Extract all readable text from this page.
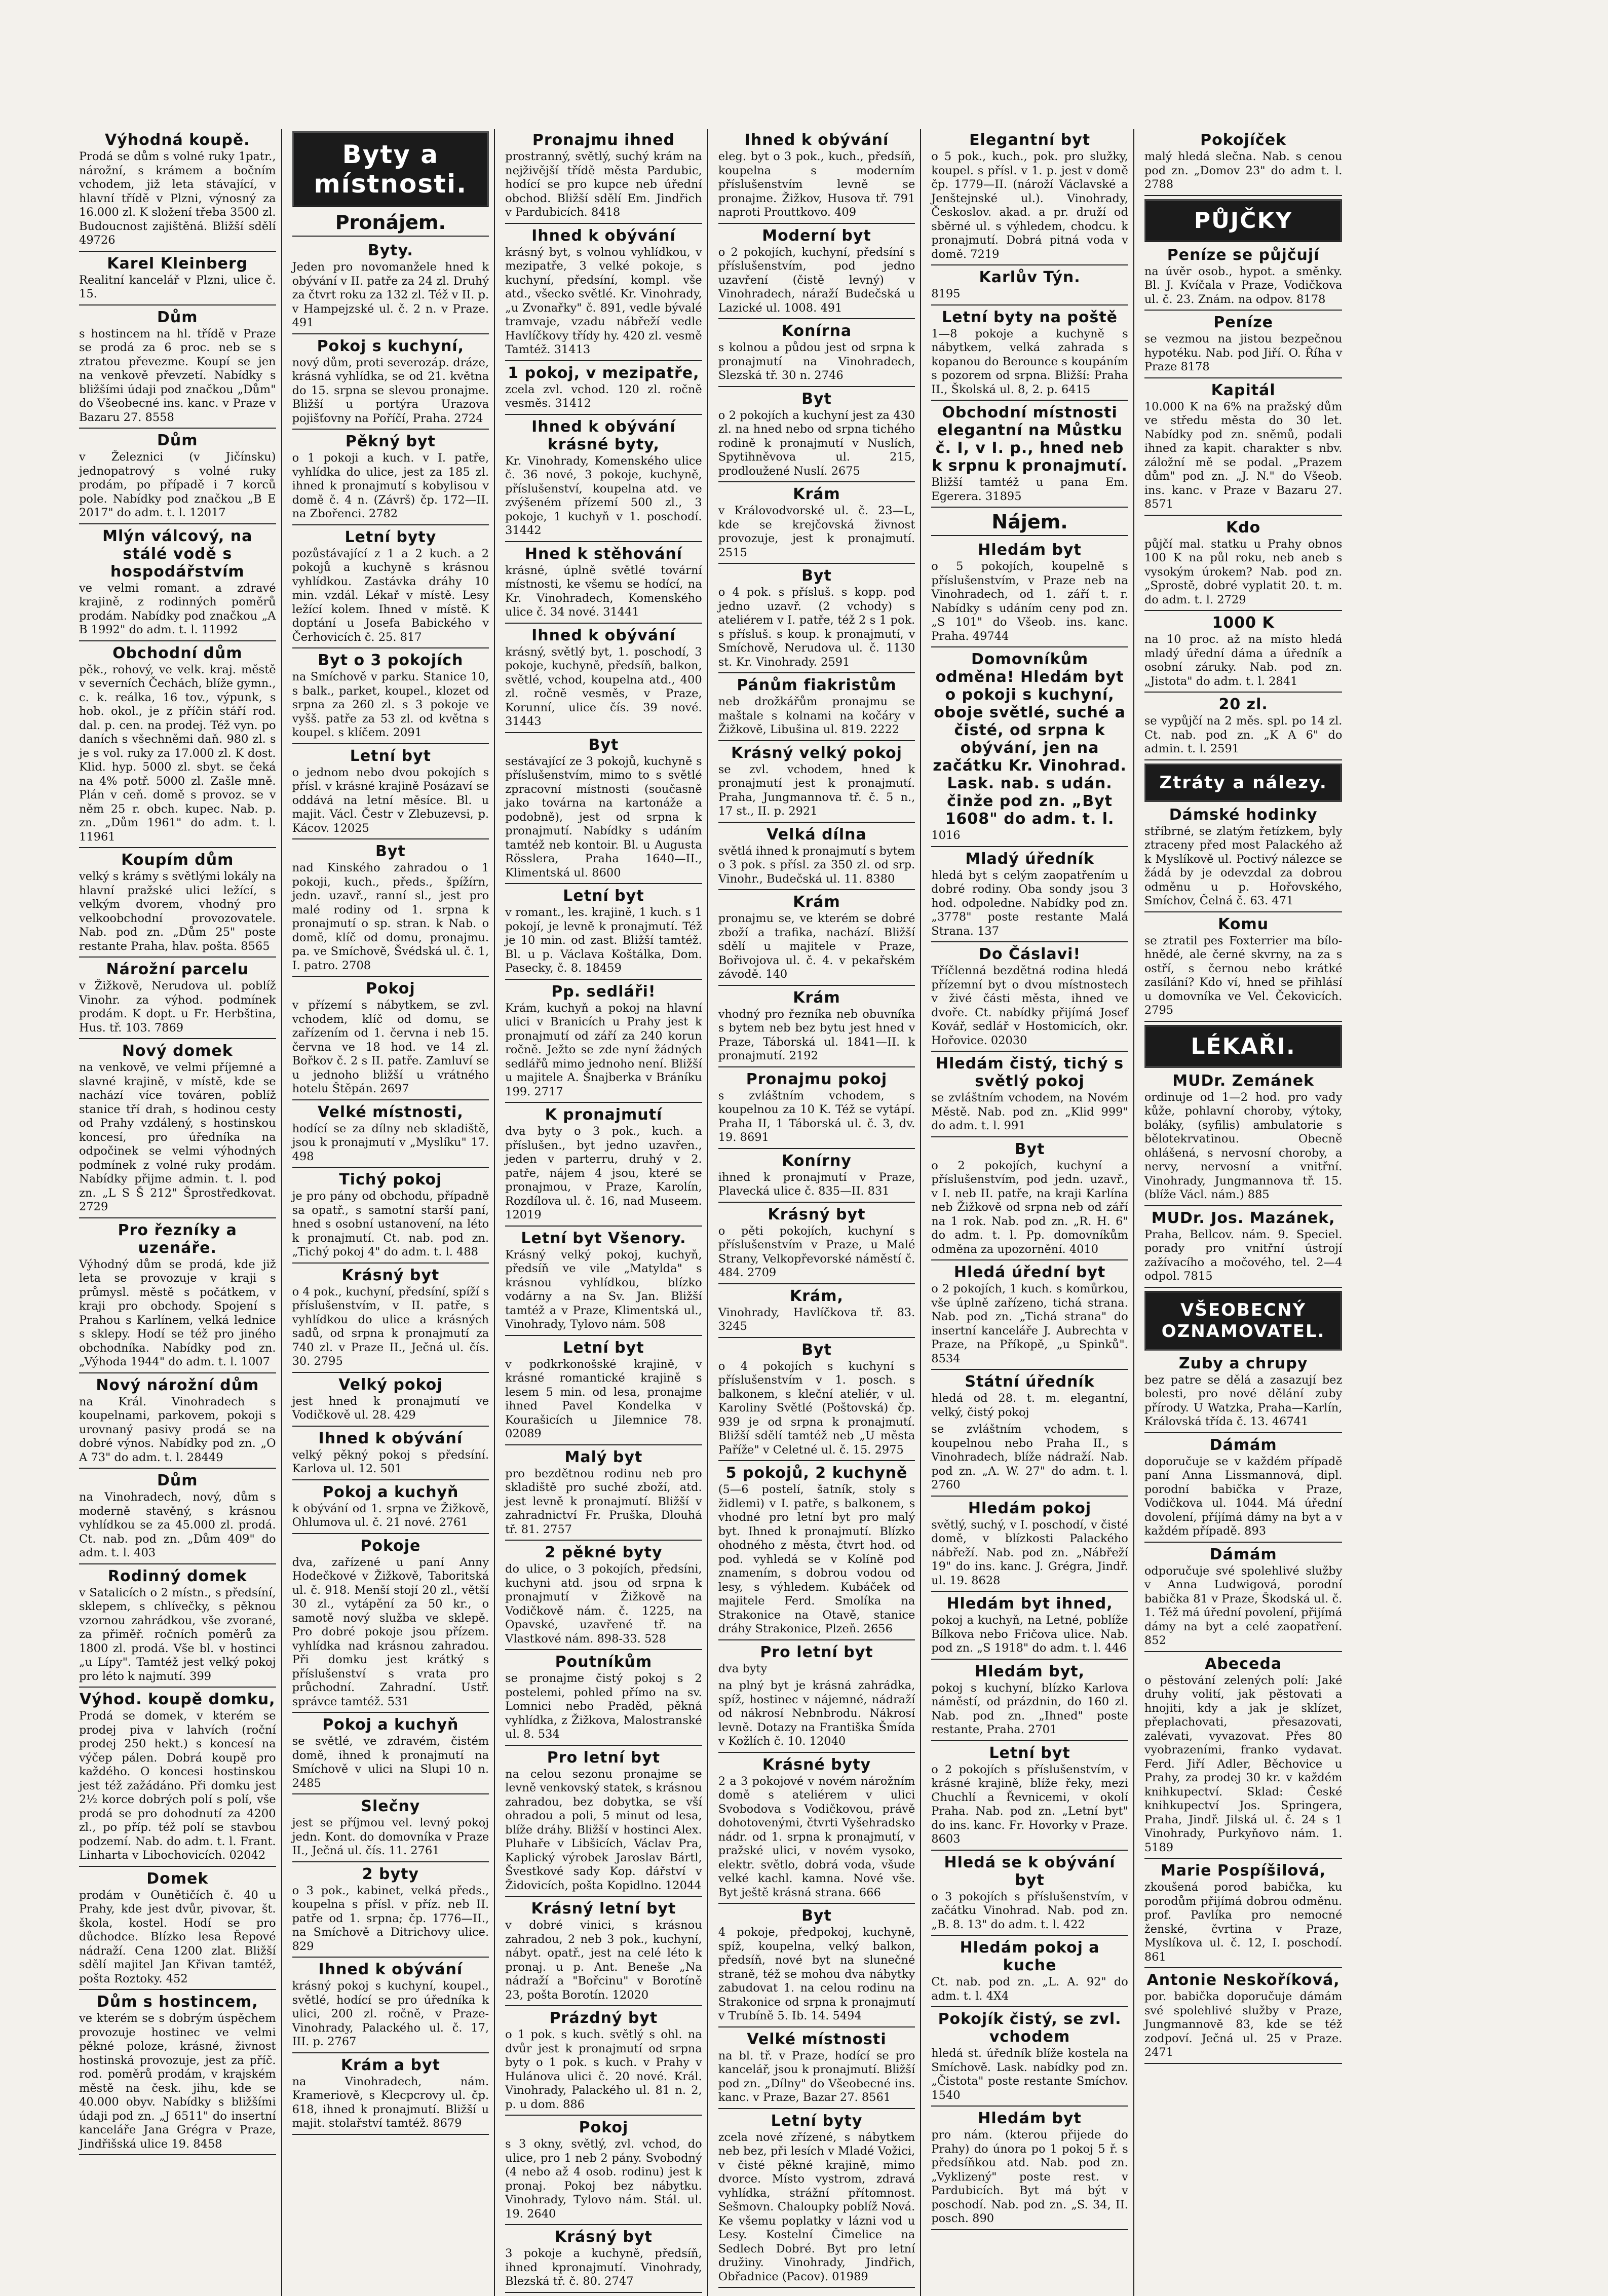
Výhodná koupě.
Prodá se dům s volné ruky 1patr., nárožní, s krámem a bočním vchodem, již leta stávající, v hlavní třídě v Plzni, výnosný za 16.000 zl. K složení třeba 3500 zl. Budoucnost zajištěná. Bližší sdělí 49726
Karel Kleinberg
Realitní kancelář v Plzni, ulice č. 15.
Dům
s hostincem na hl. třídě v Praze se prodá za 6 proc. neb se s ztratou převezme. Koupí se jen na venkově převzetí. Nabídky s bližšími údaji pod značkou „Dům" do Všeobecné ins. kanc. v Praze v Bazaru 27. 8558
Dům
v Železnici (v Jičínsku) jednopatrový s volné ruky prodám, po případě i 7 korců pole. Nabídky pod značkou „B E 2017" do adm. t. l. 12017
Mlýn válcový, na stálé vodě s hospodářstvím
ve velmi romant. a zdravé krajině, z rodinných poměrů prodám. Nabídky pod značkou „A B 1992" do adm. t. l. 11992
Obchodní dům
pěk., rohový, ve velk. kraj. městě v severních Čechách, blíže gymn., c. k. reálka, 16 tov., výpunk, s hob. okol., je z příčin stáří rod. dal. p. cen. na prodej. Též vyn. po daních s všechněmi daň. 980 zl. s je s vol. ruky za 17.000 zl. K dost. Klid. hyp. 5000 zl. sbyt. se čeká na 4% potř. 5000 zl. Zašle mně. Plán v ceň. domě s provoz. se v něm 25 r. obch. kupec. Nab. p. zn. „Dům 1961" do adm. t. l. 11961
Koupím dům
velký s krámy s světlými lokály na hlavní pražské ulici ležící, s velkým dvorem, vhodný pro velkoobchodní provozovatele. Nab. pod zn. „Dům 25" poste restante Praha, hlav. pošta. 8565
Nárožní parcelu
v Žižkově, Nerudova ul. poblíž Vinohr. za výhod. podmínek prodám. K dopt. u Fr. Herbština, Hus. tř. 103. 7869
Nový domek
na venkově, ve velmi příjemné a slavné krajině, v místě, kde se nachází více továren, poblíž stanice tří drah, s hodinou cesty od Prahy vzdálený, s hostinskou koncesí, pro úředníka na odpočinek se velmi výhodných podmínek z volné ruky prodám. Nabídky přijme admin. t. l. pod zn. „L S Š 212" Šprostředkovat. 2729
Pro řezníky a uzenáře.
Výhodný dům se prodá, kde již leta se provozuje v kraji s průmysl. městě s počátkem, v kraji pro obchody. Spojení s Prahou s Karlínem, velká lednice s sklepy. Hodí se též pro jiného obchodníka. Nabídky pod zn. „Výhoda 1944" do adm. t. l. 1007
Nový nárožní dům
na Král. Vinohradech s koupelnami, parkovem, pokoji s urovnaný pasivy prodá se na dobré výnos. Nabídky pod zn. „O A 73" do adm. t. l. 28449
Dům
na Vinohradech, nový, dům s moderně stavěný, s krásnou vyhlídkou se za 45.000 zl. prodá. Ct. nab. pod zn. „Dům 409" do adm. t. l. 403
Rodinný domek
v Satalicích o 2 místn., s předsíní, sklepem, s chlívečky, s pěknou vzornou zahrádkou, vše zvorané, za přiměř. ročních poměrů za 1800 zl. prodá. Vše bl. v hostinci „u Lípy". Tamtéž jest velký pokoj pro léto k najmutí. 399
Výhod. koupě domku,
Prodá se domek, v kterém se prodej piva v lahvích (roční prodej 250 hekt.) s koncesí na výčep pálen. Dobrá koupě pro každého. O koncesi hostinskou jest též zažádáno. Při domku jest 2½ korce dobrých polí s polí, vše prodá se pro dohodnutí za 4200 zl., po příp. též polí se stavbou podzemí. Nab. do adm. t. l. Frant. Linharta v Libochovicích. 02042
Domek
prodám v Ounětičích č. 40 u Prahy, kde jest dvůr, pivovar, št. škola, kostel. Hodí se pro důchodce. Blízko lesa Řepové nádraží. Cena 1200 zlat. Bližší sdělí majitel Jan Křivan tamtéž, pošta Roztoky. 452
Dům s hostincem,
ve kterém se s dobrým úspěchem provozuje hostinec ve velmi pěkné poloze, krásné, živnost hostinská provozuje, jest za příč. rod. poměrů prodám, v krajském městě na česk. jihu, kde se 40.000 obyv. Nabídky s bližšími údaji pod zn. „J 6511" do insertní kanceláře Jana Grégra v Praze, Jindřišská ulice 19. 8458
Byty a místnosti.
Pronájem.
Byty.
Jeden pro novomanžele hned k obývání v II. patře za 24 zl. Druhý za čtvrt roku za 132 zl. Též v II. p. v Hampejzské ul. č. 2 n. v Praze. 491
Pokoj s kuchyní,
nový dům, proti severozáp. dráze, krásná vyhlídka, se od 21. května do 15. srpna se slevou pronajme. Bližší u portýra Urazova pojišťovny na Poříčí, Praha. 2724
Pěkný byt
o 1 pokoji a kuch. v I. patře, vyhlídka do ulice, jest za 185 zl. ihned k pronajmutí s kobylisou v domě č. 4 n. (Závrš) čp. 172—II. na Zbořenci. 2782
Letní byty
pozůstávající z 1 a 2 kuch. a 2 pokojů a kuchyně s krásnou vyhlídkou. Zastávka dráhy 10 min. vzdál. Lékař v místě. Lesy ležící kolem. Ihned v místě. K doptání u Josefa Babického v Čerhovicích č. 25. 817
Byt o 3 pokojích
na Smíchově v parku. Stanice 10, s balk., parket, koupel., klozet od srpna za 260 zl. s 3 pokoje ve vyšš. patře za 53 zl. od května s koupel. s klíčem. 2091
Letní byt
o jednom nebo dvou pokojích s přísl. v krásné krajině Posázaví se oddává na letní měsíce. Bl. u majit. Václ. Čestr v Zlebuzevsi, p. Kácov. 12025
Byt
nad Kinského zahradou o 1 pokoji, kuch., předs., špížírn, jedn. uzavř., ranní sl., jest pro malé rodiny od 1. srpna k pronajmutí o sp. stran. k Nab. o domě, klíč od domu, pronajmu. pa. ve Smíchově, Švédská ul. č. 1, I. patro. 2708
Pokoj
v přízemí s nábytkem, se zvl. vchodem, klíč od domu, se zařízením od 1. června i neb 15. června ve 18 hod. ve 14 zl. Bořkov č. 2 s II. patře. Zamluví se u jednoho bližší u vrátného hotelu Štěpán. 2697
Velké místnosti,
hodící se za dílny neb skladiště, jsou k pronajmutí v „Myslíku" 17. 498
Tichý pokoj
je pro pány od obchodu, případně sa opatř., s samotní starší paní, hned s osobní ustanovení, na léto k pronajmutí. Ct. nab. pod zn. „Tichý pokoj 4" do adm. t. l. 488
Krásný byt
o 4 pok., kuchyní, předsíní, spíží s příslušenstvím, v II. patře, s vyhlídkou do ulice a krásných sadů, od srpna k pronajmutí za 740 zl. v Praze II., Ječná ul. čís. 30. 2795
Velký pokoj
jest hned k pronajmutí ve Vodičkově ul. 28. 429
Ihned k obývání
velký pěkný pokoj s předsíní. Karlova ul. 12. 501
Pokoj a kuchyň
k obývání od 1. srpna ve Žižkově, Ohlumova ul. č. 21 nové. 2761
Pokoje
dva, zařízené u paní Anny Hodečkové v Žižkově, Taboritská ul. č. 918. Menší stojí 20 zl., větší 30 zl., vytápění za 50 kr., o samotě nový služba ve sklepě. Pro dobré pokoje jsou přízem. vyhlídka nad krásnou zahradou. Při domku jest krátký s příslušenství s vrata pro průchodní. Zahradní. Ustř. správce tamtéž. 531
Pokoj a kuchyň
se světlé, ve zdravém, čistém domě, ihned k pronajmutí na Smíchově v ulici na Slupi 10 n. 2485
Slečny
jest se příjmou vel. levný pokoj jedn. Kont. do domovníka v Praze II., Ječná ul. čís. 11. 2761
2 byty
o 3 pok., kabinet, velká předs., koupelna s přísl. v příz. neb II. patře od 1. srpna; čp. 1776—II., na Smíchově a Ditrichovy ulice. 829
Ihned k obývání
krásný pokoj s kuchyní, koupel., světlé, hodící se pro úředníka k ulici, 200 zl. ročně, v Praze-Vinohrady, Palackého ul. č. 17, III. p. 2767
Krám a byt
na Vinohradech, nám. Krameriově, s Klecpcrovy ul. čp. 618, ihned k pronajmutí. Bližší u majit. stolařství tamtéž. 8679
Pronajmu ihned
prostranný, světlý, suchý krám na nejživější třídě města Pardubic, hodící se pro kupce neb úřední obchod. Bližší sdělí Em. Jindřich v Pardubicích. 8418
Ihned k obývání
krásný byt, s volnou vyhlídkou, v mezipatře, 3 velké pokoje, s kuchyní, předsíní, kompl. vše atd., všecko světlé. Kr. Vinohrady, „u Zvonařky" č. 891, vedle bývalé tramvaje, vzadu nábřeží vedle Havlíčkovy třídy hy. 420 zl. vesmě Tamtéž. 31413
1 pokoj, v mezipatře,
zcela zvl. vchod. 120 zl. ročně vesměs. 31412
Ihned k obývání krásné byty,
Kr. Vinohrady, Komenského ulice č. 36 nové, 3 pokoje, kuchyně, příslušenství, koupelna atd. ve zvýšeném přízemí 500 zl., 3 pokoje, 1 kuchyň v 1. poschodí. 31442
Hned k stěhování
krásné, úplně světlé tovární místnosti, ke všemu se hodící, na Kr. Vinohradech, Komenského ulice č. 34 nové. 31441
Ihned k obývání
krásný, světlý byt, 1. poschodí, 3 pokoje, kuchyně, předsíň, balkon, světlé, vchod, koupelna atd., 400 zl. ročně vesměs, v Praze, Korunní, ulice čís. 39 nové. 31443
Byt
sestávající ze 3 pokojů, kuchyně s příslušenstvím, mimo to s světlé zpracovní místnosti (současně jako továrna na kartonáže a podobně), jest od srpna k pronajmutí. Nabídky s udáním tamtéž neb kontoir. Bl. u Augusta Rösslera, Praha 1640—II., Klimentská ul. 8600
Letní byt
v romant., les. krajině, 1 kuch. s 1 pokojí, je levně k pronajmutí. Též je 10 min. od zast. Bližší tamtéž. Bl. u p. Václava Koštálka, Dom. Pasecky, č. 8. 18459
Pp. sedláři!
Krám, kuchyň a pokoj na hlavní ulici v Branicích u Prahy jest k pronajmutí od září za 240 korun ročně. Ježto se zde nyní žádných sedlářů mimo jednoho není. Bližší u majitele A. Šnajberka v Bráníku 199. 2717
K pronajmutí
dva byty o 3 pok., kuch. a příslušen., byt jedno uzavřen., jeden v parterru, druhý v 2. patře, nájem 4 jsou, které se pronajmou, v Praze, Karolín, Rozdílova ul. č. 16, nad Museem. 12019
Letní byt Všenory.
Krásný velký pokoj, kuchyň, předsíň ve vile „Matylda" s krásnou vyhlídkou, blízko vodárny a na Sv. Jan. Bližší tamtéž a v Praze, Klimentská ul., Vinohrady, Tylovo nám. 508
Letní byt
v podkrkonošské krajině, v krásné romantické krajině s lesem 5 min. od lesa, pronajme ihned Pavel Kondelka v Kourašicích u Jilemnice 78. 02089
Malý byt
pro bezdětnou rodinu neb pro skladiště pro suché zboží, atd. jest levně k pronajmutí. Bližší v zahradnictví Fr. Pruška, Dlouhá tř. 81. 2757
2 pěkné byty
do ulice, o 3 pokojích, předsíni, kuchyni atd. jsou od srpna k pronajmutí v Žižkově na Vodičkově nám. č. 1225, na Opavské, uzavřené tř. na Vlastkové nám. 898-33. 528
Poutníkům
se pronajme čistý pokoj s 2 postelemi, pohled přímo na sv. Lomnici nebo Praděd, pěkná vyhlídka, z Žižkova, Malostranské ul. 8. 534
Pro letní byt
na celou sezonu pronajme se levně venkovský statek, s krásnou zahradou, bez dobytka, se vší ohradou a poli, 5 minut od lesa, blíže dráhy. Bližší v hostinci Alex. Pluhaře v Libšicích, Václav Pra, Kaplický výrobek Jaroslav Bártl, Švestkové sady Kop. dářství v Židovicích, pošta Kopidlno. 12044
Krásný letní byt
v dobré vinici, s krásnou zahradou, 2 neb 3 pok., kuchyní, nábyt. opatř., jest na celé léto k pronaj. u p. Ant. Beneše „Na nádraží a "Bořcinu" v Borotíně 23, pošta Borotín. 12020
Prázdný byt
o 1 pok. s kuch. světlý s ohl. na dvůr jest k pronajmutí od srpna byty o 1 pok. s kuch. v Prahy v Hulánova ulici č. 20 nové. Král. Vinohrady, Palackého ul. 81 n. 2, p. u dom. 886
Pokoj
s 3 okny, světlý, zvl. vchod, do ulice, pro 1 neb 2 pány. Svobodný (4 nebo až 4 osob. rodinu) jest k pronaj. Pokoj bez nábytku. Vinohrady, Tylovo nám. Stál. ul. 19. 2640
Krásný byt
3 pokoje a kuchyně, předsíň, ihned kpronajmutí. Vinohrady, Blezská tř. č. 80. 2747
Ihned k obývání
eleg. byt o 3 pok., kuch., předsíň, koupelna s moderním příslušenstvím levně se pronajme. Žižkov, Husova tř. 791 naproti Prouttkovo. 409
Moderní byt
o 2 pokojích, kuchyní, předsíní s příslušenstvím, pod jedno uzavření (čistě levný) v Vinohradech, náraží Budečská u Lazické ul. 1008. 491
Konírna
s kolnou a půdou jest od srpna k pronajmutí na Vinohradech, Slezská tř. 30 n. 2746
Byt
o 2 pokojích a kuchyní jest za 430 zl. na hned nebo od srpna tichého rodině k pronajmutí v Nuslích, Spytihněvova ul. 215, prodloužené Nuslí. 2675
Krám
v Královodvorské ul. č. 23—L, kde se krejčovská živnost provozuje, jest k pronajmutí. 2515
Byt
o 4 pok. s přísluš. s kopp. pod jedno uzavř. (2 vchody) s ateliérem v I. patře, též 2 s 1 pok. s přísluš. s koup. k pronajmutí, v Smíchově, Nerudova ul. č. 1130 st. Kr. Vinohrady. 2591
Pánům fiakristům
neb drožkářům pronajmu se maštale s kolnami na kočáry v Žižkově, Libušina ul. 819. 2222
Krásný velký pokoj
se zvl. vchodem, hned k pronajmutí jest k pronajmutí. Praha, Jungmannova tř. č. 5 n., 17 st., II. p. 2921
Velká dílna
světlá ihned k pronajmutí s bytem o 3 pok. s přísl. za 350 zl. od srp. Vinohr., Budečská ul. 11. 8380
Krám
pronajmu se, ve kterém se dobré zboží a trafika, nachází. Bližší sdělí u majitele v Praze, Bořivojova ul. č. 4. v pekařském závodě. 140
Krám
vhodný pro řezníka neb obuvníka s bytem neb bez bytu jest hned v Praze, Táborská ul. 1841—II. k pronajmutí. 2192
Pronajmu pokoj
s zvláštním vchodem, s koupelnou za 10 K. Též se vytápí. Praha II, 1 Táborská ul. č. 3, dv. 19. 8691
Konírny
ihned k pronajmutí v Praze, Plavecká ulice č. 835—II. 831
Krásný byt
o pěti pokojích, kuchyní s příslušenstvím v Praze, u Malé Strany, Velkopřevorské náměstí č. 484. 2709
Krám,
Vinohrady, Havlíčkova tř. 83. 3245
Byt
o 4 pokojích s kuchyní s příslušenstvím v 1. posch. s balkonem, s kleční ateliér, v ul. Karoliny Světlé (Poštovská) čp. 939 je od srpna k pronajmutí. Bližší sdělí tamtéž neb „U města Paříže" v Celetné ul. č. 15. 2975
5 pokojů, 2 kuchyně
(5—6 postelí, šatník, stoly s židlemi) v I. patře, s balkonem, s vhodné pro letní byt pro malý byt. Ihned k pronajmutí. Blízko ohodného z města, čtvrt hod. od pod. vyhledá se v Kolíně pod znamením, s dobrou vodou od lesy, s výhledem. Kubáček od majitele Ferd. Smolíka na Strakonice na Otavě, stanice dráhy Strakonice, Plzeň. 2656
Pro letní byt
dva byty
na plný byt je krásná zahrádka, spíž, hostinec v nájemné, nádraží od nákrosí Nebnbrodu. Nákrosí levně. Dotazy na Františka Šmída v Kožlích č. 10. 12040
Krásné byty
2 a 3 pokojové v novém nárožním domě s ateliérem v ulici Svobodova s Vodičkovou, právě dohotovenými, čtvrti Vyšehradsko nádr. od 1. srpna k pronajmutí, v pražské ulici, v novém vysoko, elektr. světlo, dobrá voda, všude velké kachl. kamna. Nové vše. Byt ještě krásná strana. 666
Byt
4 pokoje, předpokoj, kuchyně, spíž, koupelna, velký balkon, předsíň, nové byt na slunečné straně, též se mohou dva nábytky zabudovat 1. na celou rodinu na Strakonice od srpna k pronajmutí v Trubíně 5. Ib. 14. 5494
Velké místnosti
na bl. tř. v Praze, hodící se pro kancelář, jsou k pronajmutí. Bližší pod zn. „Dílny" do Všeobecné ins. kanc. v Praze, Bazar 27. 8561
Letní byty
zcela nové zřízené, s nábytkem neb bez, při lesích v Mladé Vožici, v čisté pěkné krajině, mimo dvorce. Místo vystrom, zdravá vyhlídka, strážní přítomnost. Sešmovn. Chaloupky poblíž Nová. Ke všemu poplatky v lázni vod u Lesy. Kostelní Čimelice na Sedlech Dobré. Byt pro letní družiny. Vinohrady, Jindřich, Obřadnice (Pacov). 01989
Elegantní byt
o 5 pok., kuch., pok. pro služky, koupel. s přísl. v 1. p. jest v domě čp. 1779—II. (nároží Václavské a Jenštejnské ul.). Vinohrady, Českoslov. akad. a pr. druží od sběrné ul. s výhledem, chodcu. k pronajmutí. Dobrá pitná voda v domě. 7219
Karlův Týn.
8195
Letní byty na poště
1—8 pokoje a kuchyně s nábytkem, velká zahrada s kopanou do Berounce s koupáním s pozorem od srpna. Bližší: Praha II., Školská ul. 8, 2. p. 6415
Obchodní místnosti elegantní na Můstku č. I, v I. p., hned neb k srpnu k pronajmutí.
Bližší tamtéž u pana Em. Egerera. 31895
Nájem.
Hledám byt
o 5 pokojích, koupelně s příslušenstvím, v Praze neb na Vinohradech, od 1. září t. r. Nabídky s udáním ceny pod zn. „S 101" do Všeob. ins. kanc. Praha. 49744
Domovníkům odměna! Hledám byt o pokoji s kuchyní, oboje světlé, suché a čisté, od srpna k obývání, jen na začátku Kr. Vinohrad. Lask. nab. s udán. činže pod zn. „Byt 1608" do adm. t. l.
1016
Mladý úředník
hledá byt s celým zaopatřením u dobré rodiny. Oba sondy jsou 3 hod. odpoledne. Nabídky pod zn. „3778" poste restante Malá Strana. 137
Do Čáslavi!
Tříčlenná bezdětná rodina hledá přízemní byt o dvou místnostech v živé části města, ihned ve dvoře. Ct. nabídky přijímá Josef Kovář, sedlář v Hostomicích, okr. Hořovice. 02030
Hledám čistý, tichý s světlý pokoj
se zvláštním vchodem, na Novém Městě. Nab. pod zn. „Klid 999" do adm. t. l. 991
Byt
o 2 pokojích, kuchyní a příslušenstvím, pod jedn. uzavř., v I. neb II. patře, na kraji Karlína neb Žižkově od srpna neb od září na 1 rok. Nab. pod zn. „R. H. 6" do adm. t. l. Pp. domovníkům odměna za upozornění. 4010
Hledá úřední byt
o 2 pokojích, 1 kuch. s komůrkou, vše úplně zařízeno, tichá strana. Nab. pod zn. „Tichá strana" do insertní kanceláře J. Aubrechta v Praze, na Příkopě, „u Spinků". 8534
Státní úředník
hledá od 28. t. m. elegantní, velký, čistý pokoj
se zvláštním vchodem, s koupelnou nebo Praha II., s Vinohradech, blíže nádraží. Nab. pod zn. „A. W. 27" do adm. t. l. 2760
Hledám pokoj
světlý, suchý, v I. poschodí, v čisté domě, v blízkosti Palackého nábřeží. Nab. pod zn. „Nábřeží 19" do ins. kanc. J. Grégra, Jindř. ul. 19. 8628
Hledám byt ihned,
pokoj a kuchyň, na Letné, poblíže Bílkova nebo Fričova ulice. Nab. pod zn. „S 1918" do adm. t. l. 446
Hledám byt,
pokoj s kuchyní, blízko Karlova náměstí, od prázdnin, do 160 zl. Nab. pod zn. „Ihned" poste restante, Praha. 2701
Letní byt
o 2 pokojích s příslušenstvím, v krásné krajině, blíže řeky, mezi Chuchlí a Řevnicemi, v okolí Praha. Nab. pod zn. „Letní byt" do ins. kanc. Fr. Hovorky v Praze. 8603
Hledá se k obývání byt
o 3 pokojích s příslušenstvím, v začátku Vinohrad. Nab. pod zn. „B. 8. 13" do adm. t. l. 422
Hledám pokoj a kuche
Ct. nab. pod zn. „L. A. 92" do adm. t. l. 4X4
Pokojík čistý, se zvl. vchodem
hledá st. úředník blíže kostela na Smíchově. Lask. nabídky pod zn. „Čistota" poste restante Smíchov. 1540
Hledám byt
pro nám. (kterou přijede do Prahy) do února po 1 pokoj 5 ř. s předsíňkou atd. Nab. pod zn. „Vyklizený" poste rest. v Pardubicích. Byt má být v poschodí. Nab. pod zn. „S. 34, II. posch. 890
Pokojíček
malý hledá slečna. Nab. s cenou pod zn. „Domov 23" do adm t. l. 2788
PŮJČKY
Peníze se půjčují
na úvěr osob., hypot. a směnky. Bl. J. Kvíčala v Praze, Vodičkova ul. č. 23. Znám. na odpov. 8178
Peníze
se vezmou na jistou bezpečnou hypotéku. Nab. pod Jiří. O. Říha v Praze 8178
Kapitál
10.000 K na 6% na pražský dům ve středu města do 30 let. Nabídky pod zn. sněmů, podali ihned za kapit. charakter s nbv. záložní mě se podal. „Prazem dům" pod zn. „J. N." do Všeob. ins. kanc. v Praze v Bazaru 27. 8571
Kdo
půjčí mal. statku u Prahy obnos 100 K na půl roku, neb aneb s vysokým úrokem? Nab. pod zn. „Sprostě, dobré vyplatit 20. t. m. do adm. t. l. 2729
1000 K
na 10 proc. až na místo hledá mladý úřední dáma a úředník a osobní záruky. Nab. pod zn. „Jistota" do adm. t. l. 2841
20 zl.
se vypůjčí na 2 měs. spl. po 14 zl. Ct. nab. pod zn. „K A 6" do admin. t. l. 2591
Ztráty a nálezy.
Dámské hodinky
stříbrné, se zlatým řetízkem, byly ztraceny před most Palackého až k Myslíkově ul. Poctivý nálezce se žádá by je odevzdal za dobrou odměnu u p. Hořovského, Smíchov, Čelná č. 63. 471
Komu
se ztratil pes Foxterrier ma bílo-hnědé, ale černé skvrny, na za s ostří, s černou nebo krátké zasílání? Kdo ví, hned se přihlásí u domovníka ve Vel. Čekovicích. 2795
LÉKAŘI.
MUDr. Zemánek
ordinuje od 1—2 hod. pro vady kůže, pohlavní choroby, výtoky, boláky, (syfilis) ambulatorie s bělotekrvatinou. Obecně ohlášená, s nervosní choroby, a nervy, nervosní a vnitřní. Vinohrady, Jungmannova tř. 15. (blíže Václ. nám.) 885
MUDr. Jos. Mazánek,
Praha, Bellcov. nám. 9. Speciel. porady pro vnitřní ústrojí zažívacího a močového, tel. 2—4 odpol. 7815
VŠEOBECNÝ OZNAMOVATEL.
Zuby a chrupy
bez patre se dělá a zasazují bez bolesti, pro nové dělání zuby přírody. U Watzka, Praha—Karlín, Královská třída č. 13. 46741
Dámám
doporučuje se v každém případě paní Anna Lissmannová, dipl. porodní babička v Praze, Vodičkova ul. 1044. Má úřední dovolení, příjímá dámy na byt a v každém případě. 893
Dámám
odporučuje své spolehlivé služby v Anna Ludwigová, porodní babička 81 v Praze, Škodská ul. č. 1. Též má úřední povolení, přijímá dámy na byt a celé zaopatření. 852
Abeceda
o pěstování zelených polí: Jaké druhy volití, jak pěstovati a hnojiti, kdy a jak je sklízet, přeplachovati, přesazovati, zalévati, vyvazovat. Přes 80 vyobrazeními, franko vydavat. Ferd. Jiří Adler, Běchovice u Prahy, za prodej 30 kr. v každém knihkupectví. Sklad: České knihkupectví Jos. Springera, Praha, Jindř. Jilská ul. č. 24 s 1 Vinohrady, Purkyňovo nám. 1. 5189
Marie Pospíšilová,
zkoušená porod babička, ku porodům přijímá dobrou odměnu. prof. Pavlíka pro nemocné ženské, čvrtina v Praze, Myslíkova ul. č. 12, I. poschodí. 861
Antonie Neskoříková,
por. babička doporučuje dámám své spolehlivé služby v Praze, Jungmannově 83, kde se též zodpoví. Ječná ul. 25 v Praze. 2471
